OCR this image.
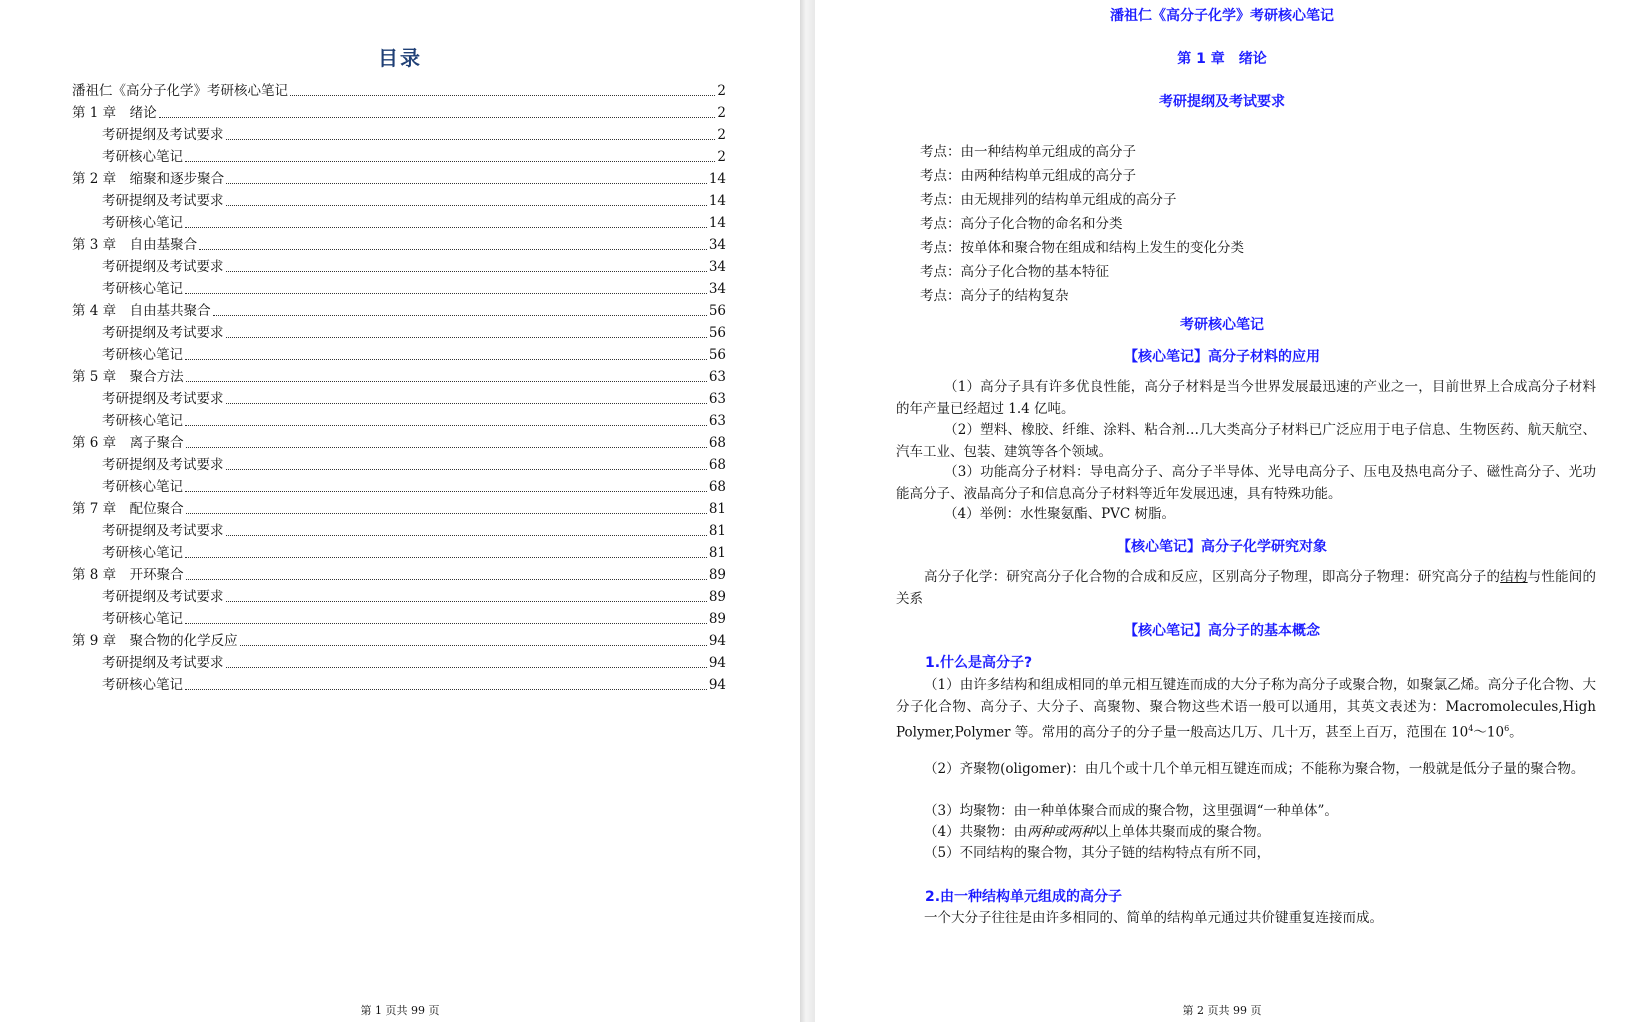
目录
潘祖仁《高分子化学》考研核心笔记	2
第 1 章　绪论	2
考研提纲及考试要求	2
考研核心笔记	2
第 2 章　缩聚和逐步聚合	14
考研提纲及考试要求	14
考研核心笔记	14
第 3 章　自由基聚合	34
考研提纲及考试要求	34
考研核心笔记	34
第 4 章　自由基共聚合	56
考研提纲及考试要求	56
考研核心笔记	56
第 5 章　聚合方法	63
考研提纲及考试要求	63
考研核心笔记	63
第 6 章　离子聚合	68
考研提纲及考试要求	68
考研核心笔记	68
第 7 章　配位聚合	81
考研提纲及考试要求	81
考研核心笔记	81
第 8 章　开环聚合	89
考研提纲及考试要求	89
考研核心笔记	89
第 9 章　聚合物的化学反应	94
考研提纲及考试要求	94
考研核心笔记	94
第 1 页共 99 页
潘祖仁《高分子化学》考研核心笔记
第 1 章　绪论
考研提纲及考试要求
考点：由一种结构单元组成的高分子
考点：由两种结构单元组成的高分子
考点：由无规排列的结构单元组成的高分子
考点：高分子化合物的命名和分类
考点：按单体和聚合物在组成和结构上发生的变化分类
考点：高分子化合物的基本特征
考点：高分子的结构复杂
考研核心笔记
【核心笔记】高分子材料的应用
（1）高分子具有许多优良性能，高分子材料是当今世界发展最迅速的产业之一，目前世界上合成高分子材料的年产量已经超过 1.4 亿吨。
（2）塑料、橡胶、纤维、涂料、粘合剂…几大类高分子材料已广泛应用于电子信息、生物医药、航天航空、汽车工业、包装、建筑等各个领域。
（3）功能高分子材料：导电高分子、高分子半导体、光导电高分子、压电及热电高分子、磁性高分子、光功能高分子、液晶高分子和信息高分子材料等近年发展迅速，具有特殊功能。
（4）举例：水性聚氨酯、PVC 树脂。
【核心笔记】高分子化学研究对象
高分子化学：研究高分子化合物的合成和反应，区别高分子物理，即高分子物理：研究高分子的结构与性能间的关系
【核心笔记】高分子的基本概念
1.什么是高分子?
（1）由许多结构和组成相同的单元相互键连而成的大分子称为高分子或聚合物，如聚氯乙烯。高分子化合物、大分子化合物、高分子、大分子、高聚物、聚合物这些术语一般可以通用，其英文表述为：Macromolecules,High Polymer,Polymer 等。常用的高分子的分子量一般高达几万、几十万，甚至上百万，范围在 $10^4\sim 10^6$。
（2）齐聚物(oligomer)：由几个或十几个单元相互键连而成；不能称为聚合物，一般就是低分子量的聚合物。
（3）均聚物：由一种单体聚合而成的聚合物，这里强调“一种单体”。
（4）共聚物：由两种或两种以上单体共聚而成的聚合物。
（5）不同结构的聚合物，其分子链的结构特点有所不同，
2.由一种结构单元组成的高分子
一个大分子往往是由许多相同的、简单的结构单元通过共价键重复连接而成。
第 2 页共 99 页
